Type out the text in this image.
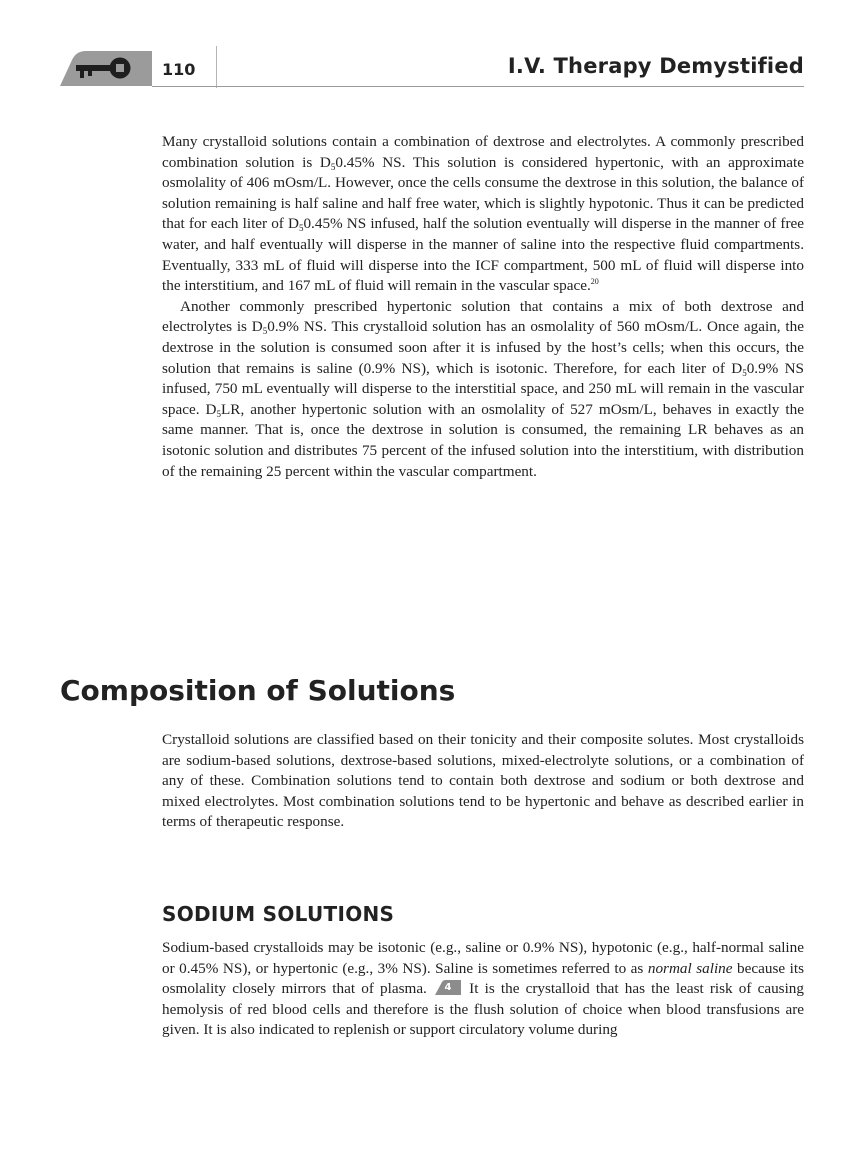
110	I.V. Therapy Demystified

Many crystalloid solutions contain a combination of dextrose and electrolytes. A commonly prescribed combination solution is $D_50.45\%$ NS. This solution is considered hypertonic, with an approximate osmolality of 406 mOsm/L. However, once the cells consume the dextrose in this solution, the balance of solution remaining is half saline and half free water, which is slightly hypotonic. Thus it can be predicted that for each liter of $D_50.45\%$ NS infused, half the solution eventually will disperse in the manner of free water, and half eventually will disperse in the manner of saline into the respective fluid compartments. Eventually, 333 mL of fluid will disperse into the ICF compartment, 500 mL of fluid will disperse into the interstitium, and 167 mL of fluid will remain in the vascular space.$^{20}$

Another commonly prescribed hypertonic solution that contains a mix of both dextrose and electrolytes is $D_50.9\%$ NS. This crystalloid solution has an osmolality of 560 mOsm/L. Once again, the dextrose in the solution is consumed soon after it is infused by the host’s cells; when this occurs, the solution that remains is saline (0.9% NS), which is isotonic. Therefore, for each liter of $D_50.9\%$ NS infused, 750 mL eventually will disperse to the interstitial space, and 250 mL will remain in the vascular space. $D_5LR$, another hypertonic solution with an osmolality of 527 mOsm/L, behaves in exactly the same manner. That is, once the dextrose in solution is consumed, the remaining LR behaves as an isotonic solution and distributes 75 percent of the infused solution into the interstitium, with distribution of the remaining 25 percent within the vascular compartment.

Composition of Solutions

Crystalloid solutions are classified based on their tonicity and their composite solutes. Most crystalloids are sodium-based solutions, dextrose-based solutions, mixed-electrolyte solutions, or a combination of any of these. Combination solutions tend to contain both dextrose and sodium or both dextrose and mixed electrolytes. Most combination solutions tend to be hypertonic and behave as described earlier in terms of therapeutic response.

SODIUM SOLUTIONS

Sodium-based crystalloids may be isotonic (e.g., saline or 0.9% NS), hypotonic (e.g., half-normal saline or 0.45% NS), or hypertonic (e.g., 3% NS). Saline is sometimes referred to as normal saline because its osmolality closely mirrors that of plasma.	4 It is the crystalloid that has the least risk of causing hemolysis of red blood cells and therefore is the flush solution of choice when blood transfusions are given. It is also indicated to replenish or support circulatory volume during
